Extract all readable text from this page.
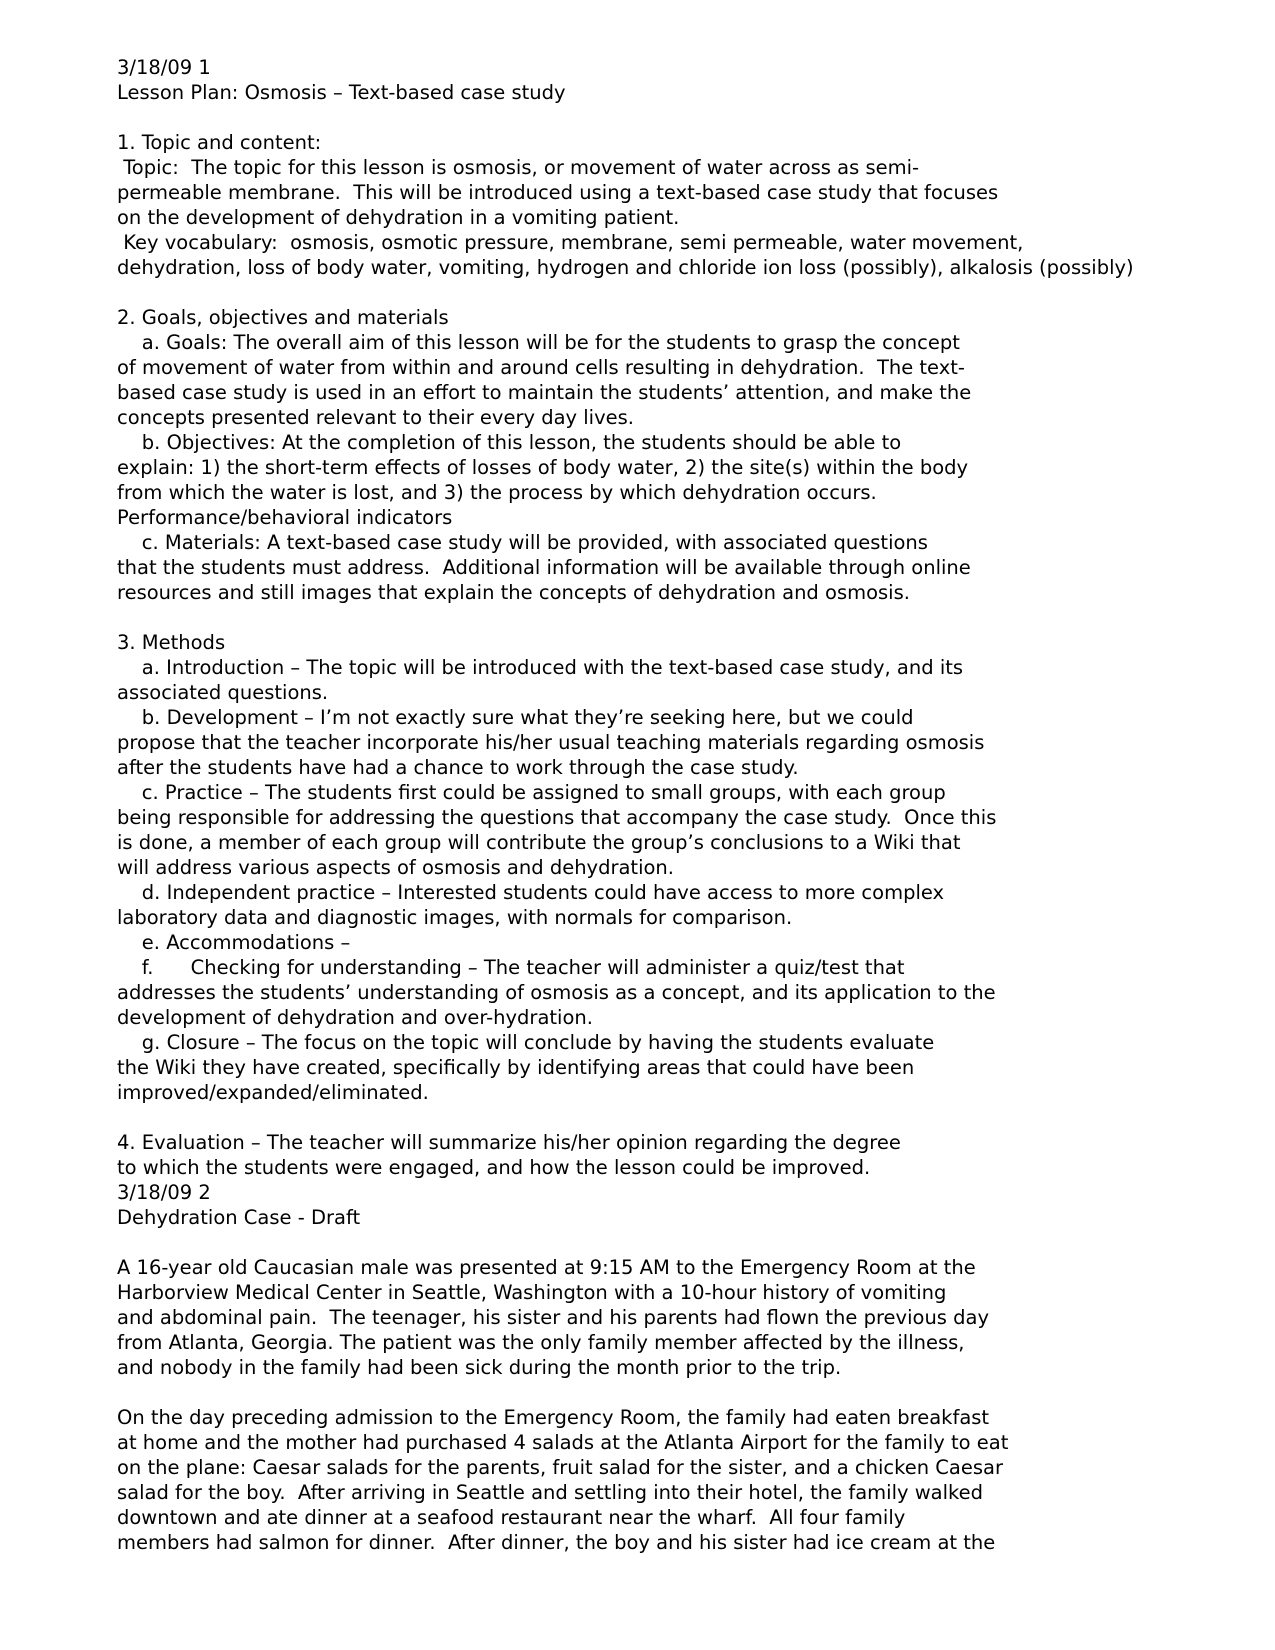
3/18/09 1
Lesson Plan: Osmosis – Text-based case study
1. Topic and content:
Topic:  The topic for this lesson is osmosis, or movement of water across as semi-
permeable membrane.  This will be introduced using a text-based case study that focuses
on the development of dehydration in a vomiting patient.
Key vocabulary:  osmosis, osmotic pressure, membrane, semi permeable, water movement,
dehydration, loss of body water, vomiting, hydrogen and chloride ion loss (possibly), alkalosis (possibly)
2. Goals, objectives and materials
a. Goals: The overall aim of this lesson will be for the students to grasp the concept
of movement of water from within and around cells resulting in dehydration.  The text-
based case study is used in an effort to maintain the students’ attention, and make the
concepts presented relevant to their every day lives.
b. Objectives: At the completion of this lesson, the students should be able to
explain: 1) the short-term effects of losses of body water, 2) the site(s) within the body
from which the water is lost, and 3) the process by which dehydration occurs.
Performance/behavioral indicators
c. Materials: A text-based case study will be provided, with associated questions
that the students must address.  Additional information will be available through online
resources and still images that explain the concepts of dehydration and osmosis.
3. Methods
a. Introduction – The topic will be introduced with the text-based case study, and its
associated questions.
b. Development – I’m not exactly sure what they’re seeking here, but we could
propose that the teacher incorporate his/her usual teaching materials regarding osmosis
after the students have had a chance to work through the case study.
c. Practice – The students first could be assigned to small groups, with each group
being responsible for addressing the questions that accompany the case study.  Once this
is done, a member of each group will contribute the group’s conclusions to a Wiki that
will address various aspects of osmosis and dehydration.
d. Independent practice – Interested students could have access to more complex
laboratory data and diagnostic images, with normals for comparison.
e. Accommodations –
f.      Checking for understanding – The teacher will administer a quiz/test that
addresses the students’ understanding of osmosis as a concept, and its application to the
development of dehydration and over-hydration.
g. Closure – The focus on the topic will conclude by having the students evaluate
the Wiki they have created, specifically by identifying areas that could have been
improved/expanded/eliminated.
4. Evaluation – The teacher will summarize his/her opinion regarding the degree
to which the students were engaged, and how the lesson could be improved.
3/18/09 2
Dehydration Case - Draft
A 16-year old Caucasian male was presented at 9:15 AM to the Emergency Room at the
Harborview Medical Center in Seattle, Washington with a 10-hour history of vomiting
and abdominal pain.  The teenager, his sister and his parents had flown the previous day
from Atlanta, Georgia. The patient was the only family member affected by the illness,
and nobody in the family had been sick during the month prior to the trip.
On the day preceding admission to the Emergency Room, the family had eaten breakfast
at home and the mother had purchased 4 salads at the Atlanta Airport for the family to eat
on the plane: Caesar salads for the parents, fruit salad for the sister, and a chicken Caesar
salad for the boy.  After arriving in Seattle and settling into their hotel, the family walked
downtown and ate dinner at a seafood restaurant near the wharf.  All four family
members had salmon for dinner.  After dinner, the boy and his sister had ice cream at the
